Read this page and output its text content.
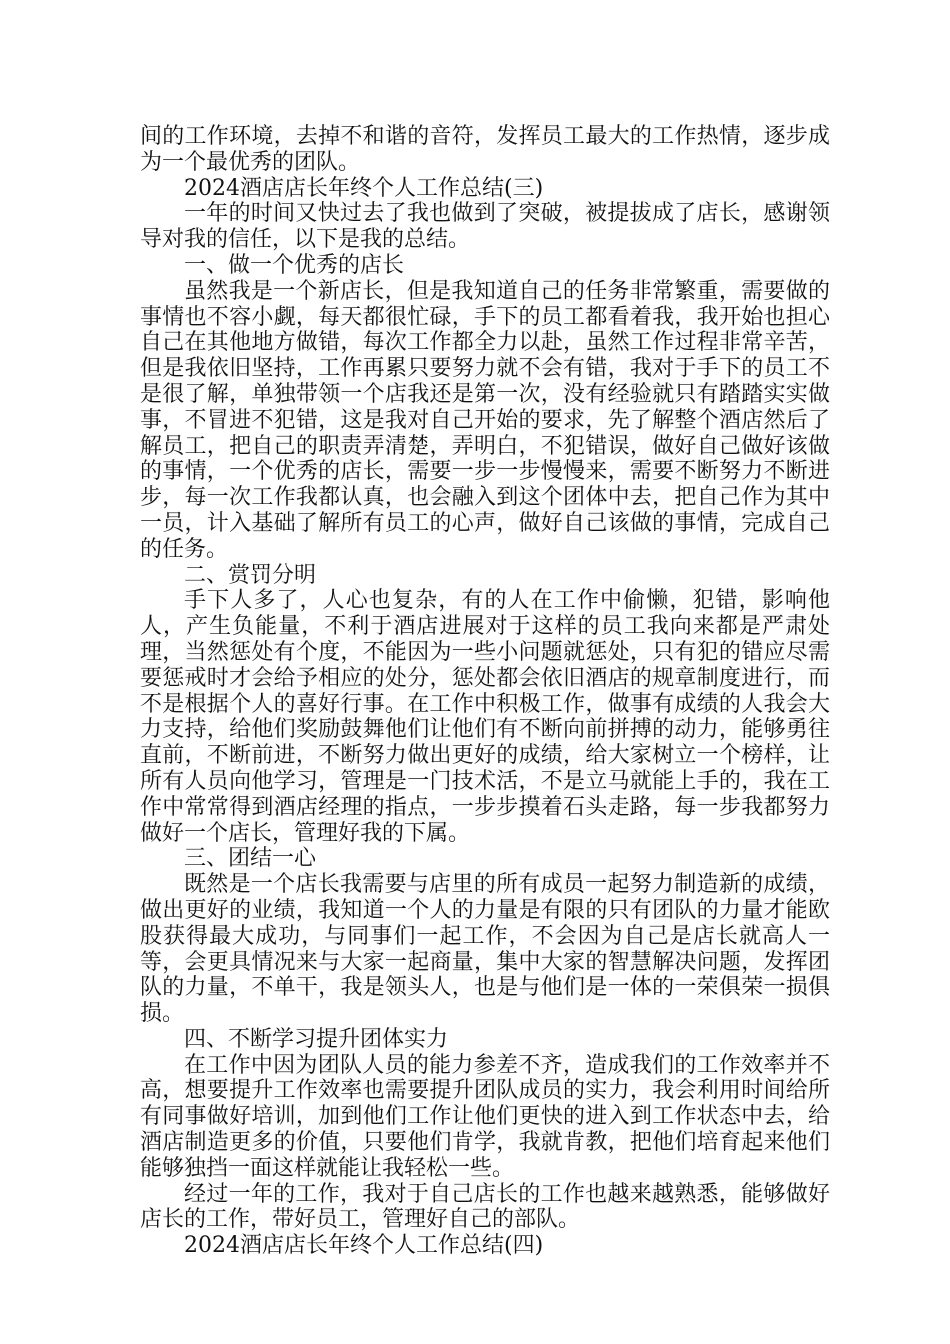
间的工作环境，去掉不和谐的音符，发挥员工最大的工作热情，逐步成为一个最优秀的团队。

2024酒店店长年终个人工作总结(三)

一年的时间又快过去了我也做到了突破，被提拔成了店长，感谢领导对我的信任，以下是我的总结。

一、做一个优秀的店长

虽然我是一个新店长，但是我知道自己的任务非常繁重，需要做的事情也不容小觑，每天都很忙碌，手下的员工都看着我，我开始也担心自己在其他地方做错，每次工作都全力以赴，虽然工作过程非常辛苦，但是我依旧坚持，工作再累只要努力就不会有错，我对于手下的员工不是很了解，单独带领一个店我还是第一次，没有经验就只有踏踏实实做事，不冒进不犯错，这是我对自己开始的要求，先了解整个酒店然后了解员工，把自己的职责弄清楚，弄明白，不犯错误，做好自己做好该做的事情，一个优秀的店长，需要一步一步慢慢来，需要不断努力不断进步，每一次工作我都认真，也会融入到这个团体中去，把自己作为其中一员，计入基础了解所有员工的心声，做好自己该做的事情，完成自己的任务。

二、赏罚分明

手下人多了，人心也复杂，有的人在工作中偷懒，犯错，影响他人，产生负能量，不利于酒店进展对于这样的员工我向来都是严肃处理，当然惩处有个度，不能因为一些小问题就惩处，只有犯的错应尽需要惩戒时才会给予相应的处分，惩处都会依旧酒店的规章制度进行，而不是根据个人的喜好行事。在工作中积极工作，做事有成绩的人我会大力支持，给他们奖励鼓舞他们让他们有不断向前拼搏的动力，能够勇往直前，不断前进，不断努力做出更好的成绩，给大家树立一个榜样，让所有人员向他学习，管理是一门技术活，不是立马就能上手的，我在工作中常常得到酒店经理的指点，一步步摸着石头走路，每一步我都努力做好一个店长，管理好我的下属。

三、团结一心

既然是一个店长我需要与店里的所有成员一起努力制造新的成绩，做出更好的业绩，我知道一个人的力量是有限的只有团队的力量才能欧股获得最大成功，与同事们一起工作，不会因为自己是店长就高人一等，会更具情况来与大家一起商量，集中大家的智慧解决问题，发挥团队的力量，不单干，我是领头人，也是与他们是一体的一荣俱荣一损俱损。

四、不断学习提升团体实力

在工作中因为团队人员的能力参差不齐，造成我们的工作效率并不高，想要提升工作效率也需要提升团队成员的实力，我会利用时间给所有同事做好培训，加到他们工作让他们更快的进入到工作状态中去，给酒店制造更多的价值，只要他们肯学，我就肯教，把他们培育起来他们能够独挡一面这样就能让我轻松一些。

经过一年的工作，我对于自己店长的工作也越来越熟悉，能够做好店长的工作，带好员工，管理好自己的部队。

2024酒店店长年终个人工作总结(四)
